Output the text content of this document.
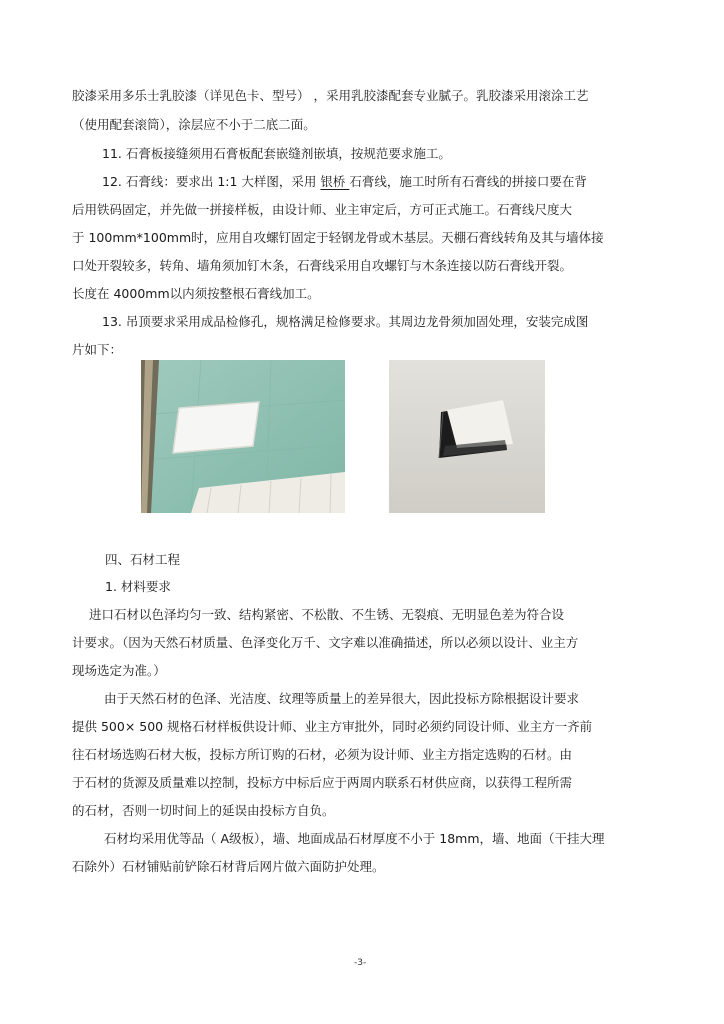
胶漆采用多乐士乳胶漆（详见色卡、型号） ，采用乳胶漆配套专业腻子。乳胶漆采用滚涂工艺
（使用配套滚筒），涂层应不小于二底二面。
11. 石膏板接缝须用石膏板配套嵌缝剂嵌填，按规范要求施工。
12. 石膏线：要求出 1:1 大样图，采用 银桥 石膏线，施工时所有石膏线的拼接口要在背
后用铁码固定，并先做一拼接样板，由设计师、业主审定后，方可正式施工。石膏线尺度大
于 100mm*100mm时，应用自攻螺钉固定于轻钢龙骨或木基层。天棚石膏线转角及其与墙体接
口处开裂较多，转角、墙角须加钉木条，石膏线采用自攻螺钉与木条连接以防石膏线开裂。
长度在 4000mm以内须按整根石膏线加工。
13. 吊顶要求采用成品检修孔，规格满足检修要求。其周边龙骨须加固处理，安装完成图
片如下：
四、石材工程
1. 材料要求
进口石材以色泽均匀一致、结构紧密、不松散、不生锈、无裂痕、无明显色差为符合设
计要求。（因为天然石材质量、色泽变化万千、文字难以准确描述，所以必须以设计、业主方
现场选定为准。）
由于天然石材的色泽、光洁度、纹理等质量上的差异很大，因此投标方除根据设计要求
提供 500× 500 规格石材样板供设计师、业主方审批外，同时必须约同设计师、业主方一齐前
往石材场选购石材大板，投标方所订购的石材，必须为设计师、业主方指定选购的石材。由
于石材的货源及质量难以控制，投标方中标后应于两周内联系石材供应商，以获得工程所需
的石材，否则一切时间上的延误由投标方自负。
石材均采用优等品（ A级板），墙、地面成品石材厚度不小于 18mm，墙、地面（干挂大理
石除外）石材铺贴前铲除石材背后网片做六面防护处理。
-3-
